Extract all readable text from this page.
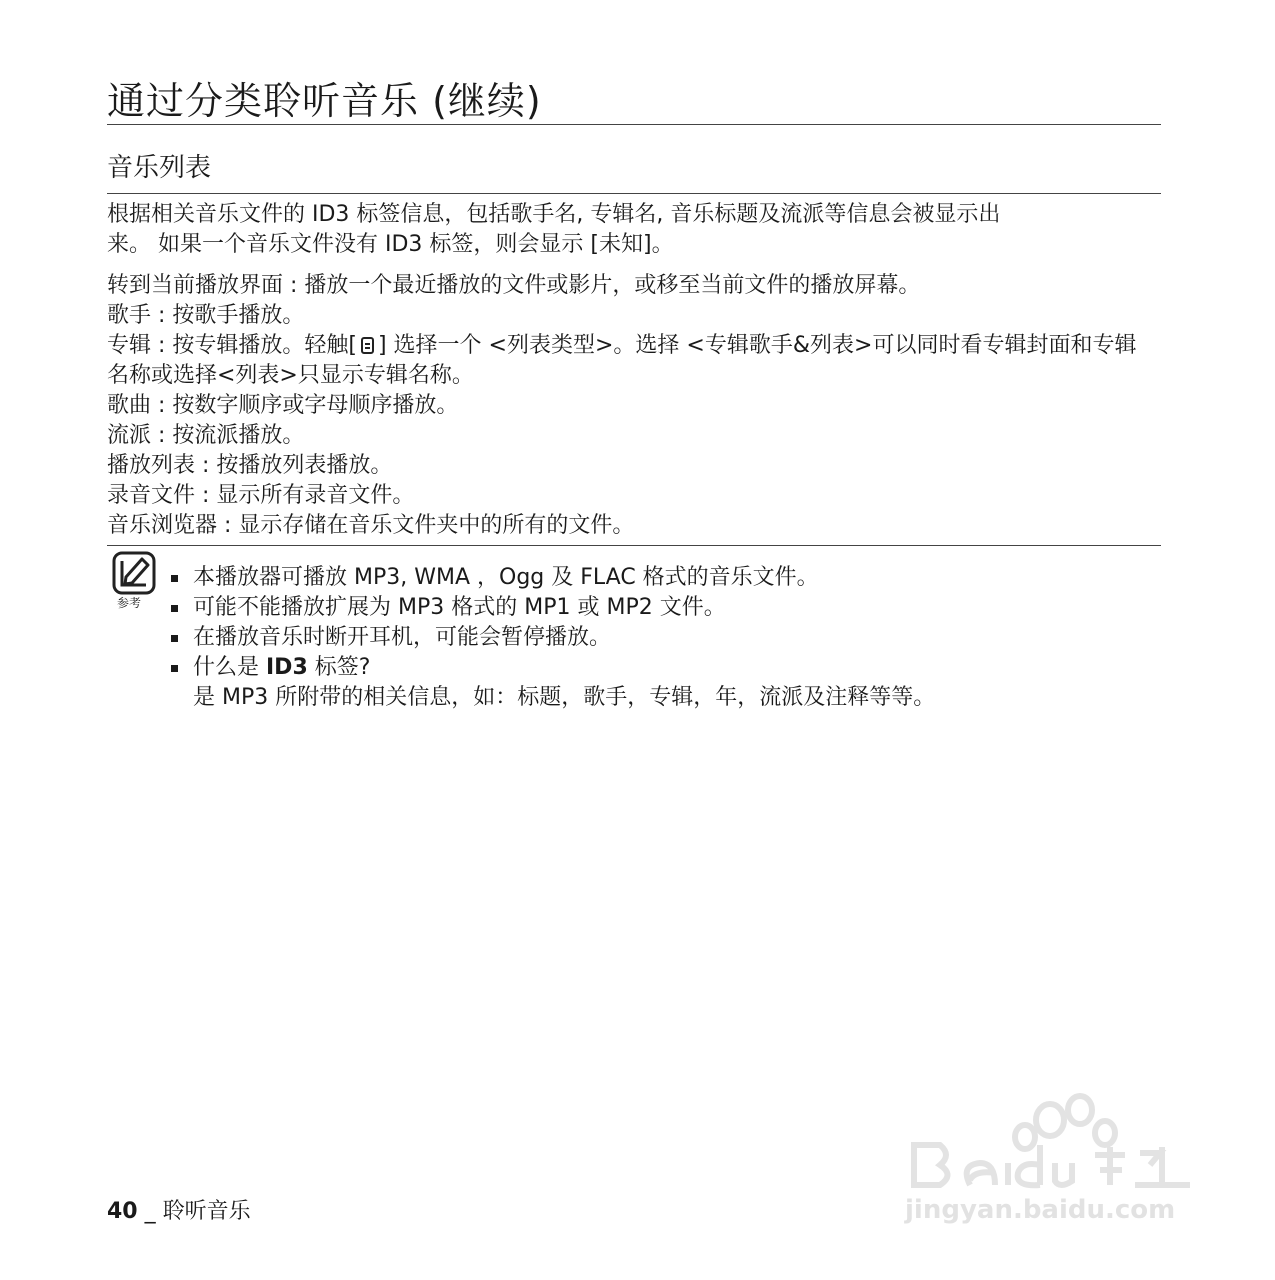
通过分类聆听音乐 (继续)
音乐列表
根据相关音乐文件的 ID3 标签信息，包括歌手名, 专辑名, 音乐标题及流派等信息会被显示出
来。 如果一个音乐文件没有 ID3 标签，则会显示 [未知]。
转到当前播放界面 : 播放一个最近播放的文件或影片，或移至当前文件的播放屏幕。
歌手 : 按歌手播放。
专辑 : 按专辑播放。轻触[ ] 选择一个 <列表类型>。选择 <专辑歌手&列表>可以同时看专辑封面和专辑名称或选择<列表>只显示专辑名称。
歌曲 : 按数字顺序或字母顺序播放。
流派 : 按流派播放。
播放列表 : 按播放列表播放。
录音文件 : 显示所有录音文件。
音乐浏览器 : 显示存储在音乐文件夹中的所有的文件。
参考
本播放器可播放 MP3, WMA ，Ogg 及 FLAC 格式的音乐文件。
可能不能播放扩展为 MP3 格式的 MP1 或 MP2 文件。
在播放音乐时断开耳机，可能会暂停播放。
什么是 ID3 标签?
是 MP3 所附带的相关信息，如：标题，歌手，专辑，年，流派及注释等等。
jingyan.baidu.com
40 _ 聆听音乐
